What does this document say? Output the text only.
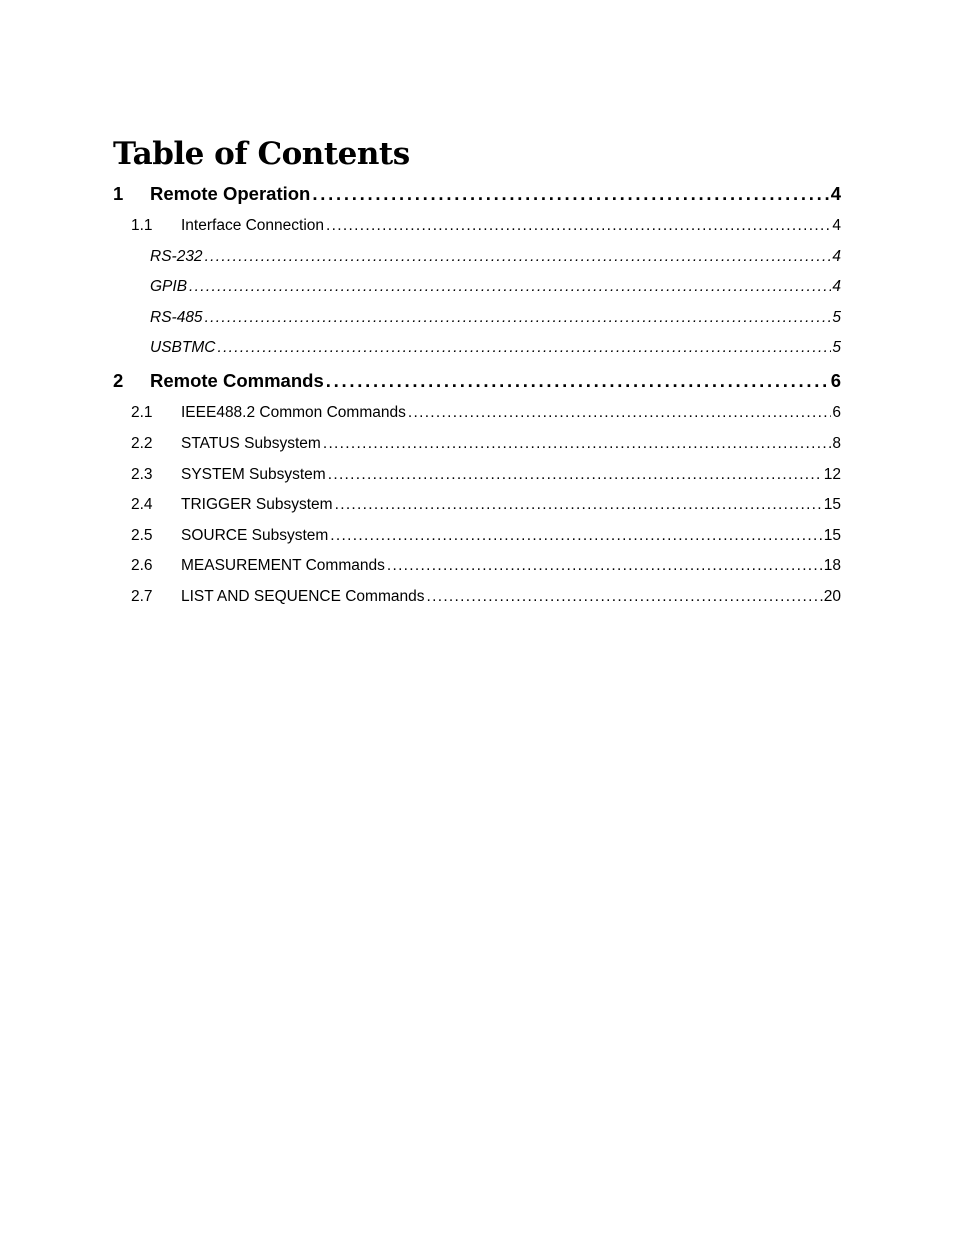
Table of Contents
1	Remote Operation . . .	4
1.1	Interface Connection . . .	4
RS-232 . . .	4
GPIB . . .	4
RS-485 . . .	5
USBTMC . . .	5
2	Remote Commands . . .	6
2.1	IEEE488.2 Common Commands . . .	6
2.2	STATUS Subsystem . . .	8
2.3	SYSTEM Subsystem . . .	12
2.4	TRIGGER Subsystem . . .	15
2.5	SOURCE Subsystem . . .	15
2.6	MEASUREMENT Commands . . .	18
2.7	LIST AND SEQUENCE Commands . . .	20
